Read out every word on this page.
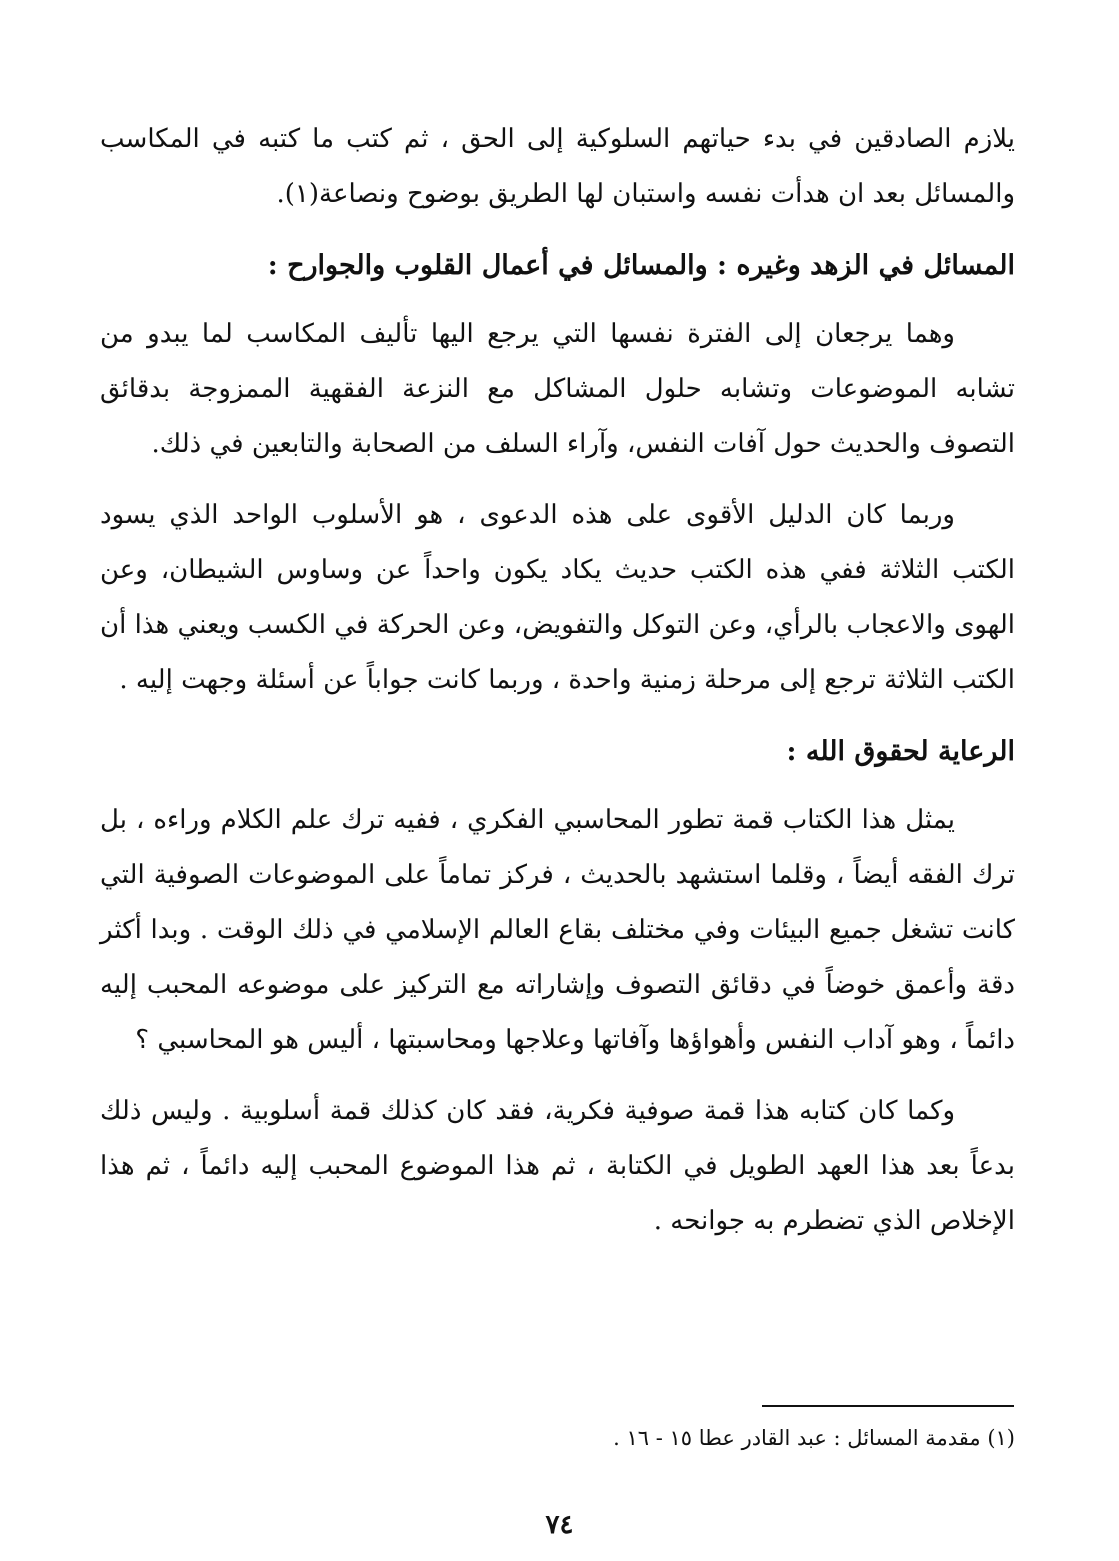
يلازم الصادقين في بدء حياتهم السلوكية إلى الحق ، ثم كتب ما كتبه في المكاسب والمسائل بعد ان هدأت نفسه واستبان لها الطريق بوضوح ونصاعة(١).

المسائل في الزهد وغيره : والمسائل في أعمال القلوب والجوارح :

وهما يرجعان إلى الفترة نفسها التي يرجع اليها تأليف المكاسب لما يبدو من تشابه الموضوعات وتشابه حلول المشاكل مع النزعة الفقهية الممزوجة بدقائق التصوف والحديث حول آفات النفس، وآراء السلف من الصحابة والتابعين في ذلك.

وربما كان الدليل الأقوى على هذه الدعوى ، هو الأسلوب الواحد الذي يسود الكتب الثلاثة ففي هذه الكتب حديث يكاد يكون واحداً عن وساوس الشيطان، وعن الهوى والاعجاب بالرأي، وعن التوكل والتفويض، وعن الحركة في الكسب ويعني هذا أن الكتب الثلاثة ترجع إلى مرحلة زمنية واحدة ، وربما كانت جواباً عن أسئلة وجهت إليه .

الرعاية لحقوق الله :

يمثل هذا الكتاب قمة تطور المحاسبي الفكري ، ففيه ترك علم الكلام وراءه ، بل ترك الفقه أيضاً ، وقلما استشهد بالحديث ، فركز تماماً على الموضوعات الصوفية التي كانت تشغل جميع البيئات وفي مختلف بقاع العالم الإسلامي في ذلك الوقت . وبدا أكثر دقة وأعمق خوضاً في دقائق التصوف وإشاراته مع التركيز على موضوعه المحبب إليه دائماً ، وهو آداب النفس وأهواؤها وآفاتها وعلاجها ومحاسبتها ، أليس هو المحاسبي ؟

وكما كان كتابه هذا قمة صوفية فكرية، فقد كان كذلك قمة أسلوبية . وليس ذلك بدعاً بعد هذا العهد الطويل في الكتابة ، ثم هذا الموضوع المحبب إليه دائماً ، ثم هذا الإخلاص الذي تضطرم به جوانحه .

(١) مقدمة المسائل : عبد القادر عطا ١٥ - ١٦ .
٧٤
